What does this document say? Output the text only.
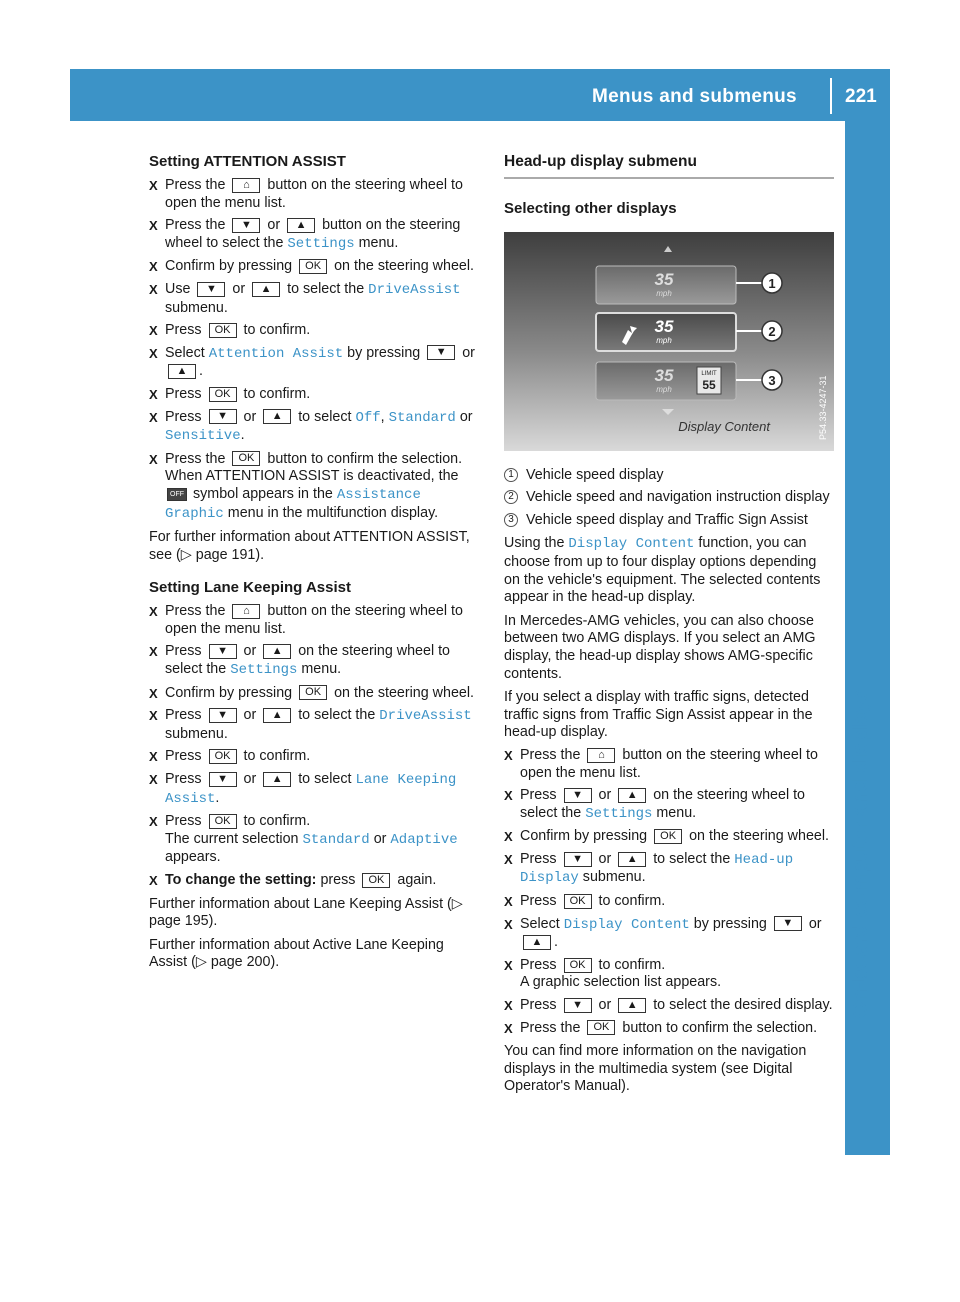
Menus and submenus	221
On-board computer and displays
Setting ATTENTION ASSIST
X Press the ⌂ button on the steering wheel to open the menu list.
X Press the ▼ or ▲ button on the steering wheel to select the Settings menu.
X Confirm by pressing OK on the steering wheel.
X Use ▼ or ▲ to select the DriveAssist submenu.
X Press OK to confirm.
X Select Attention Assist by pressing ▼ or ▲ .
X Press OK to confirm.
X Press ▼ or ▲ to select Off, Standard or Sensitive.
X Press the OK button to confirm the selection.
When ATTENTION ASSIST is deactivated, the OFF symbol appears in the Assistance Graphic menu in the multifunction display.
For further information about ATTENTION ASSIST, see (▷ page 191).
Setting Lane Keeping Assist
X Press the ⌂ button on the steering wheel to open the menu list.
X Press ▼ or ▲ on the steering wheel to select the Settings menu.
X Confirm by pressing OK on the steering wheel.
X Press ▼ or ▲ to select the DriveAssist submenu.
X Press OK to confirm.
X Press ▼ or ▲ to select Lane Keeping Assist.
X Press OK to confirm.
The current selection Standard or Adaptive appears.
X To change the setting: press OK again.
Further information about Lane Keeping Assist (▷ page 195).
Further information about Active Lane Keeping Assist (▷ page 200).
Head-up display submenu
Selecting other displays
35
mph
35
mph
35
mph
LIMIT
55
1
2
3
Display Content	P54.33-4247-31
1 Vehicle speed display
2 Vehicle speed and navigation instruction display
3 Vehicle speed display and Traffic Sign Assist
Using the Display Content function, you can choose from up to four display options depending on the vehicle's equipment. The selected contents appear in the head-up display.
In Mercedes-AMG vehicles, you can also choose between two AMG displays. If you select an AMG display, the head-up display shows AMG-specific contents.
If you select a display with traffic signs, detected traffic signs from Traffic Sign Assist appear in the head-up display.
X Press the ⌂ button on the steering wheel to open the menu list.
X Press ▼ or ▲ on the steering wheel to select the Settings menu.
X Confirm by pressing OK on the steering wheel.
X Press ▼ or ▲ to select the Head-up Display submenu.
X Press OK to confirm.
X Select Display Content by pressing ▼ or ▲ .
X Press OK to confirm.
A graphic selection list appears.
X Press ▼ or ▲ to select the desired display.
X Press the OK button to confirm the selection.
You can find more information on the navigation displays in the multimedia system (see Digital Operator's Manual).
